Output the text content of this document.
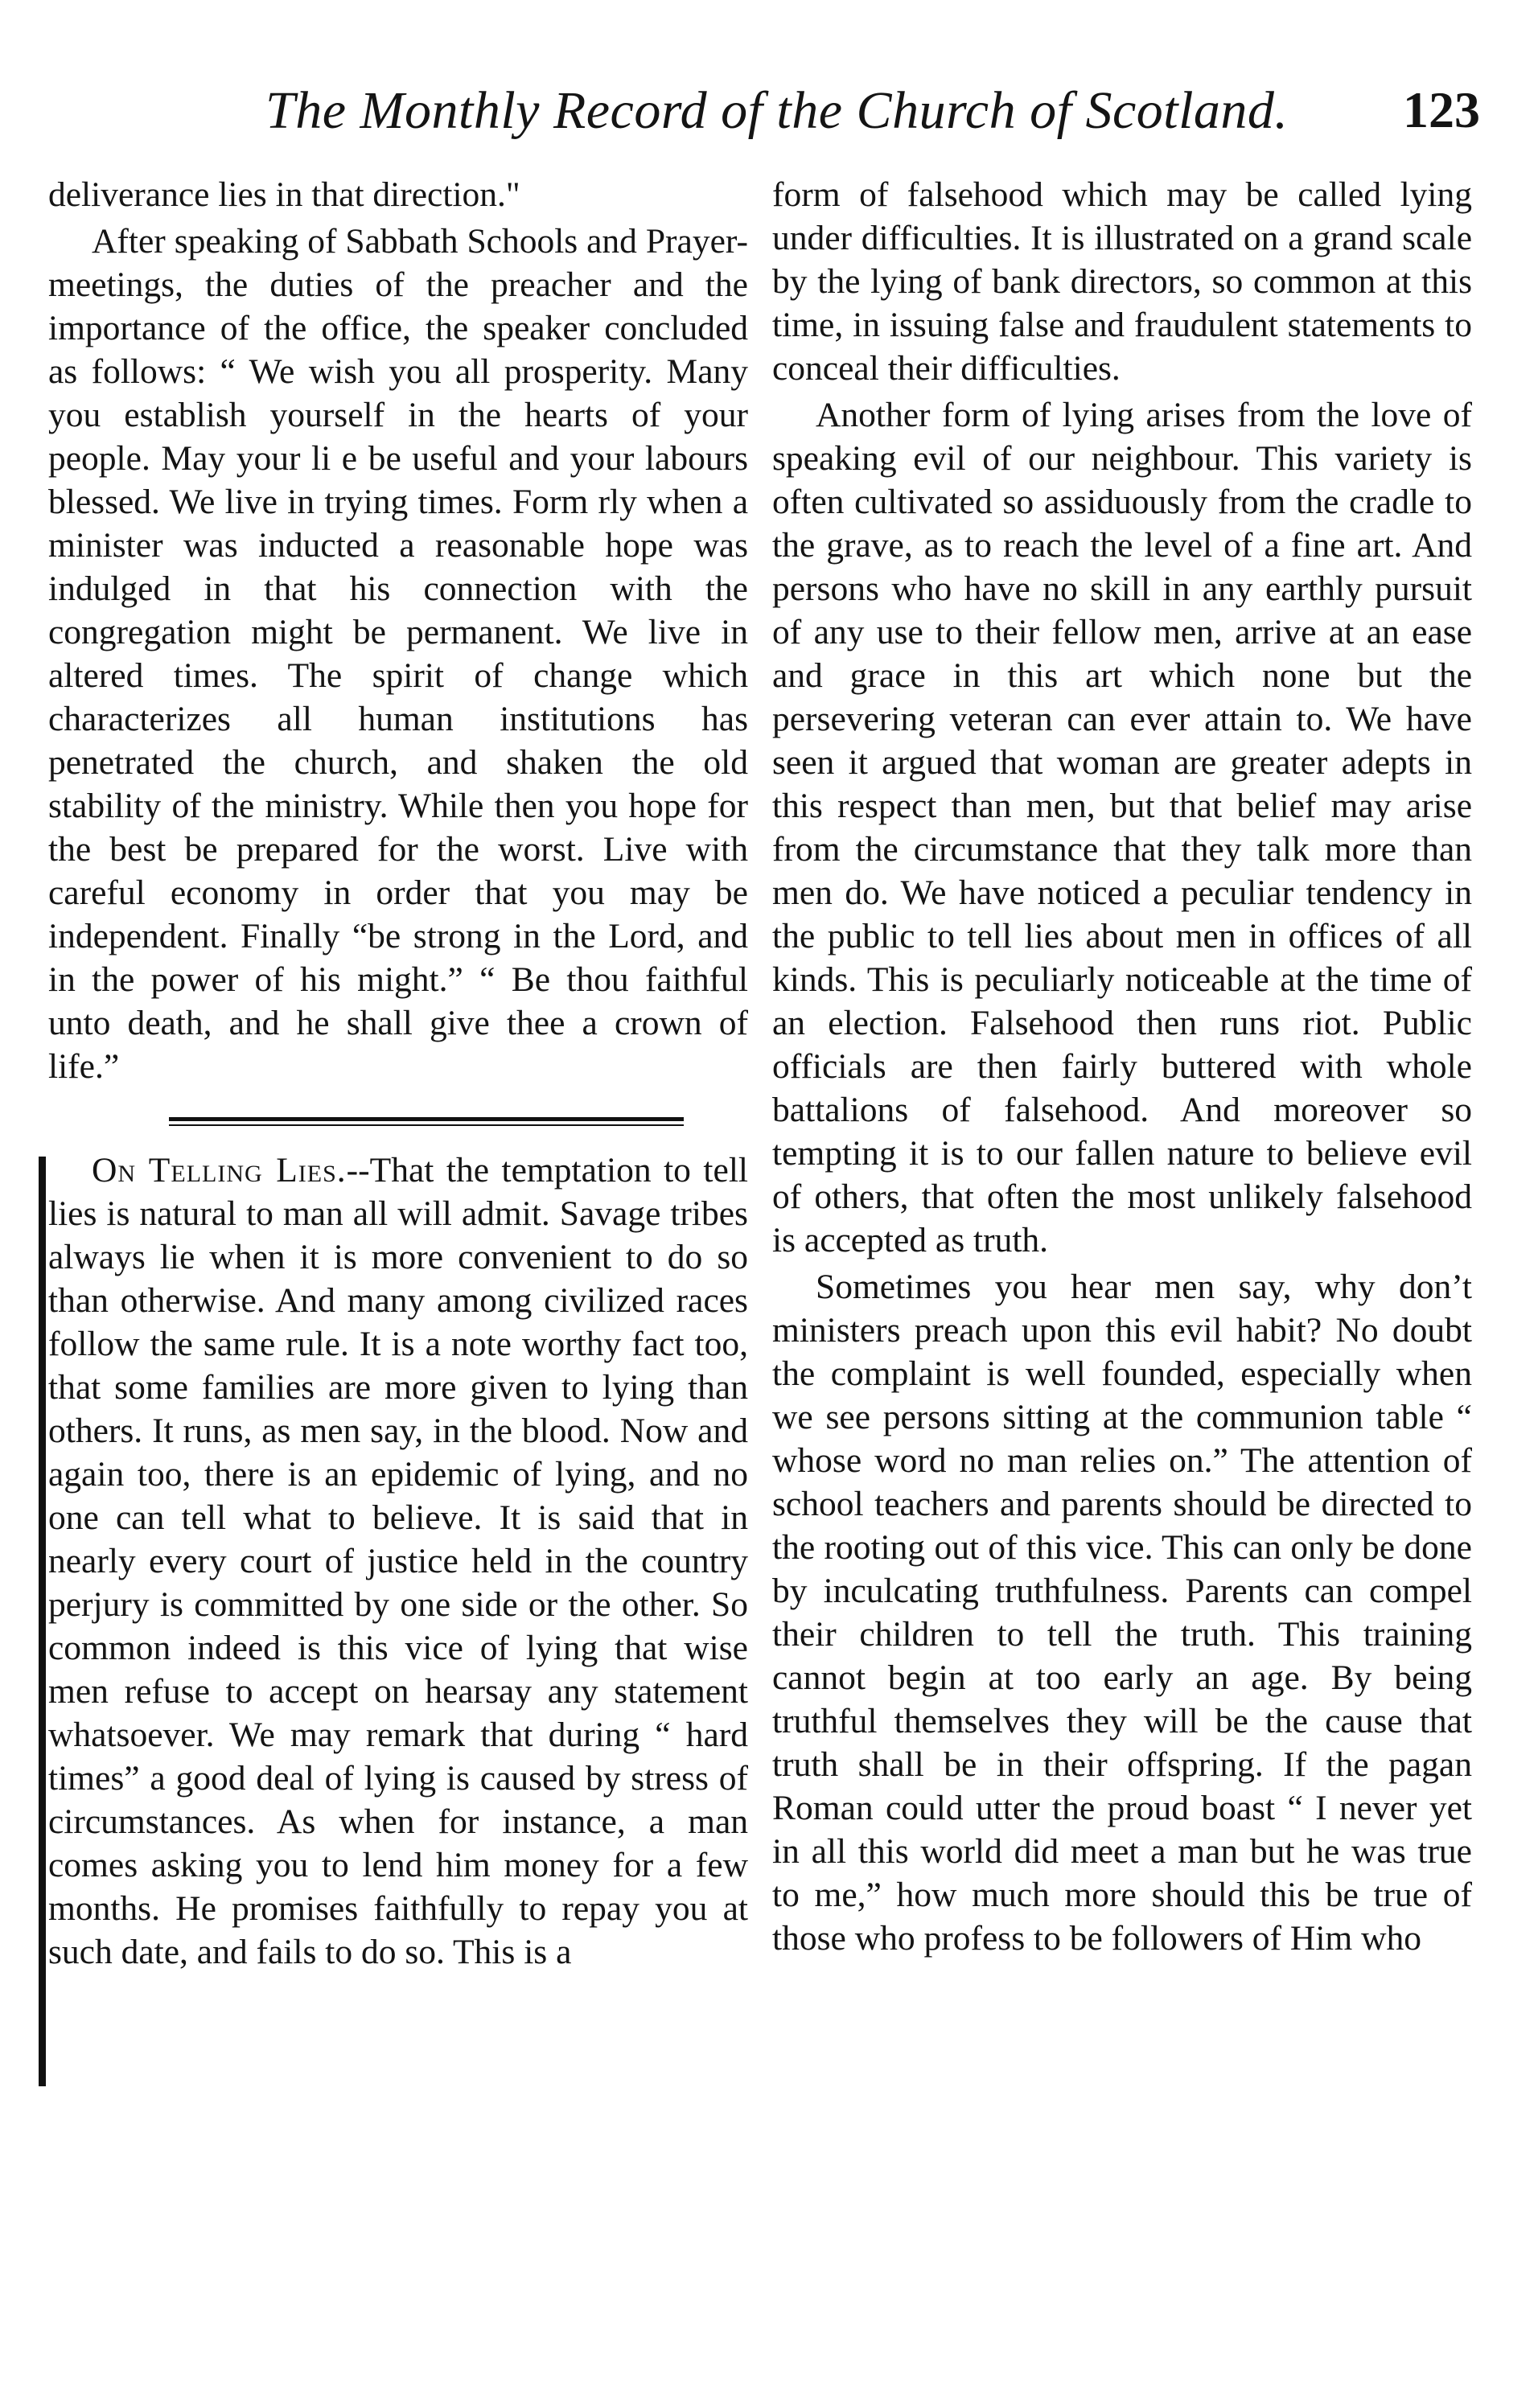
The Monthly Record of the Church of Scotland. 123

deliverance lies in that direction."

After speaking of Sabbath Schools and Prayer-meetings, the duties of the preacher and the importance of the office, the speaker concluded as follows: “ We wish you all prosperity. Many you establish yourself in the hearts of your people. May your li e be useful and your labours blessed. We live in trying times. Form rly when a minister was inducted a reasonable hope was indulged in that his connection with the congregation might be permanent. We live in altered times. The spirit of change which characterizes all human institutions has penetrated the church, and shaken the old stability of the ministry. While then you hope for the best be prepared for the worst. Live with careful economy in order that you may be independent. Finally “be strong in the Lord, and in the power of his might.” “ Be thou faithful unto death, and he shall give thee a crown of life.”

On Telling Lies.--That the temptation to tell lies is natural to man all will admit. Savage tribes always lie when it is more convenient to do so than otherwise. And many among civilized races follow the same rule. It is a note worthy fact too, that some families are more given to lying than others. It runs, as men say, in the blood. Now and again too, there is an epidemic of lying, and no one can tell what to believe. It is said that in nearly every court of justice held in the country perjury is committed by one side or the other. So common indeed is this vice of lying that wise men refuse to accept on hearsay any statement whatsoever. We may remark that during “ hard times” a good deal of lying is caused by stress of circumstances. As when for instance, a man comes asking you to lend him money for a few months. He promises faithfully to repay you at such date, and fails to do so. This is a

form of falsehood which may be called lying under difficulties. It is illustrated on a grand scale by the lying of bank directors, so common at this time, in issuing false and fraudulent statements to conceal their difficulties.

Another form of lying arises from the love of speaking evil of our neighbour. This variety is often cultivated so assiduously from the cradle to the grave, as to reach the level of a fine art. And persons who have no skill in any earthly pursuit of any use to their fellow men, arrive at an ease and grace in this art which none but the persevering veteran can ever attain to. We have seen it argued that woman are greater adepts in this respect than men, but that belief may arise from the circumstance that they talk more than men do. We have noticed a peculiar tendency in the public to tell lies about men in offices of all kinds. This is peculiarly noticeable at the time of an election. Falsehood then runs riot. Public officials are then fairly buttered with whole battalions of falsehood. And moreover so tempting it is to our fallen nature to believe evil of others, that often the most unlikely falsehood is accepted as truth.

Sometimes you hear men say, why don’t ministers preach upon this evil habit? No doubt the complaint is well founded, especially when we see persons sitting at the communion table “ whose word no man relies on.” The attention of school teachers and parents should be directed to the rooting out of this vice. This can only be done by inculcating truthfulness. Parents can compel their children to tell the truth. This training cannot begin at too early an age. By being truthful themselves they will be the cause that truth shall be in their offspring. If the pagan Roman could utter the proud boast “ I never yet in all this world did meet a man but he was true to me,” how much more should this be true of those who profess to be followers of Him who
